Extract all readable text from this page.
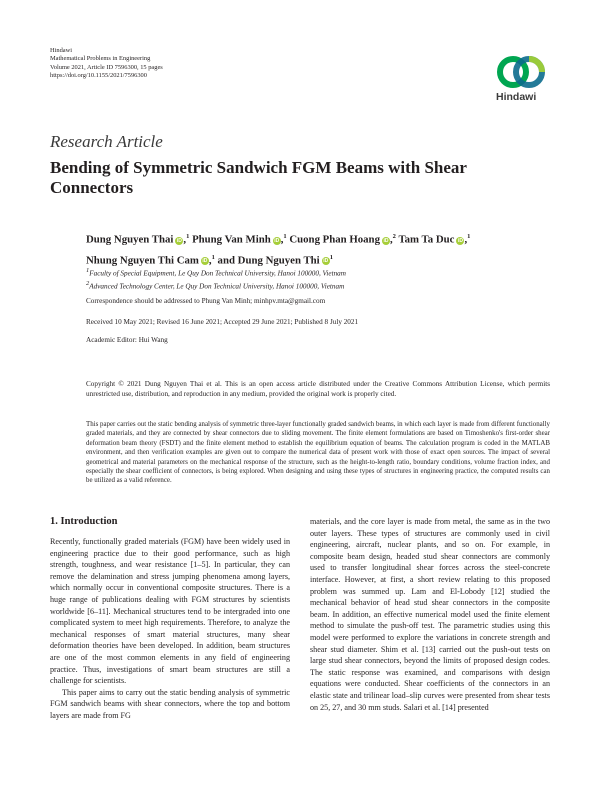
Hindawi
Mathematical Problems in Engineering
Volume 2021, Article ID 7596300, 15 pages
https://doi.org/10.1155/2021/7596300
Hindawi
Research Article
Bending of Symmetric Sandwich FGM Beams with Shear Connectors
Dung Nguyen Thai iD ,$^1$ Phung Van Minh iD ,$^1$ Cuong Phan Hoang iD ,$^2$ Tam Ta Duc iD ,$^1$
Nhung Nguyen Thi Cam iD ,$^1$ and Dung Nguyen Thi $iD^1$
$^1$Faculty of Special Equipment, Le Quy Don Technical University, Hanoi 100000, Vietnam
$^2$Advanced Technology Center, Le Quy Don Technical University, Hanoi 100000, Vietnam
Correspondence should be addressed to Phung Van Minh; minhpv.mta@gmail.com
Received 10 May 2021; Revised 16 June 2021; Accepted 29 June 2021; Published 8 July 2021
Academic Editor: Hui Wang
Copyright © 2021 Dung Nguyen Thai et al. This is an open access article distributed under the Creative Commons Attribution License, which permits unrestricted use, distribution, and reproduction in any medium, provided the original work is properly cited.
This paper carries out the static bending analysis of symmetric three-layer functionally graded sandwich beams, in which each layer is made from different functionally graded materials, and they are connected by shear connectors due to sliding movement. The finite element formulations are based on Timoshenko's first-order shear deformation beam theory (FSDT) and the finite element method to establish the equilibrium equation of beams. The calculation program is coded in the MATLAB environment, and then verification examples are given out to compare the numerical data of present work with those of exact open sources. The impact of several geometrical and material parameters on the mechanical response of the structure, such as the height-to-length ratio, boundary conditions, volume fraction index, and especially the shear coefficient of connectors, is being explored. When designing and using these types of structures in engineering practice, the computed results can be utilized as a valid reference.
1. Introduction

Recently, functionally graded materials (FGM) have been widely used in engineering practice due to their good performance, such as high strength, toughness, and wear resistance [1–5]. In particular, they can remove the delamination and stress jumping phenomena among layers, which normally occur in conventional composite structures. There is a huge range of publications dealing with FGM structures by scientists worldwide [6–11]. Mechanical structures tend to be intergraded into one complicated system to meet high requirements. Therefore, to analyze the mechanical responses of smart material structures, many shear deformation theories have been developed. In addition, beam structures are one of the most common elements in any field of engineering practice. Thus, investigations of smart beam structures are still a challenge for scientists.

This paper aims to carry out the static bending analysis of symmetric FGM sandwich beams with shear connectors, where the top and bottom layers are made from FG

materials, and the core layer is made from metal, the same as in the two outer layers. These types of structures are commonly used in civil engineering, aircraft, nuclear plants, and so on. For example, in composite beam design, headed stud shear connectors are commonly used to transfer longitudinal shear forces across the steel-concrete interface. However, at first, a short review relating to this proposed problem was summed up. Lam and El-Lobody [12] studied the mechanical behavior of head stud shear connectors in the composite beam. In addition, an effective numerical model used the finite element method to simulate the push-off test. The parametric studies using this model were performed to explore the variations in concrete strength and shear stud diameter. Shim et al. [13] carried out the push-out tests on large stud shear connectors, beyond the limits of proposed design codes. The static response was examined, and comparisons with design equations were conducted. Shear coefficients of the connectors in an elastic state and trilinear load–slip curves were presented from shear tests on 25, 27, and 30 mm studs. Salari et al. [14] presented
